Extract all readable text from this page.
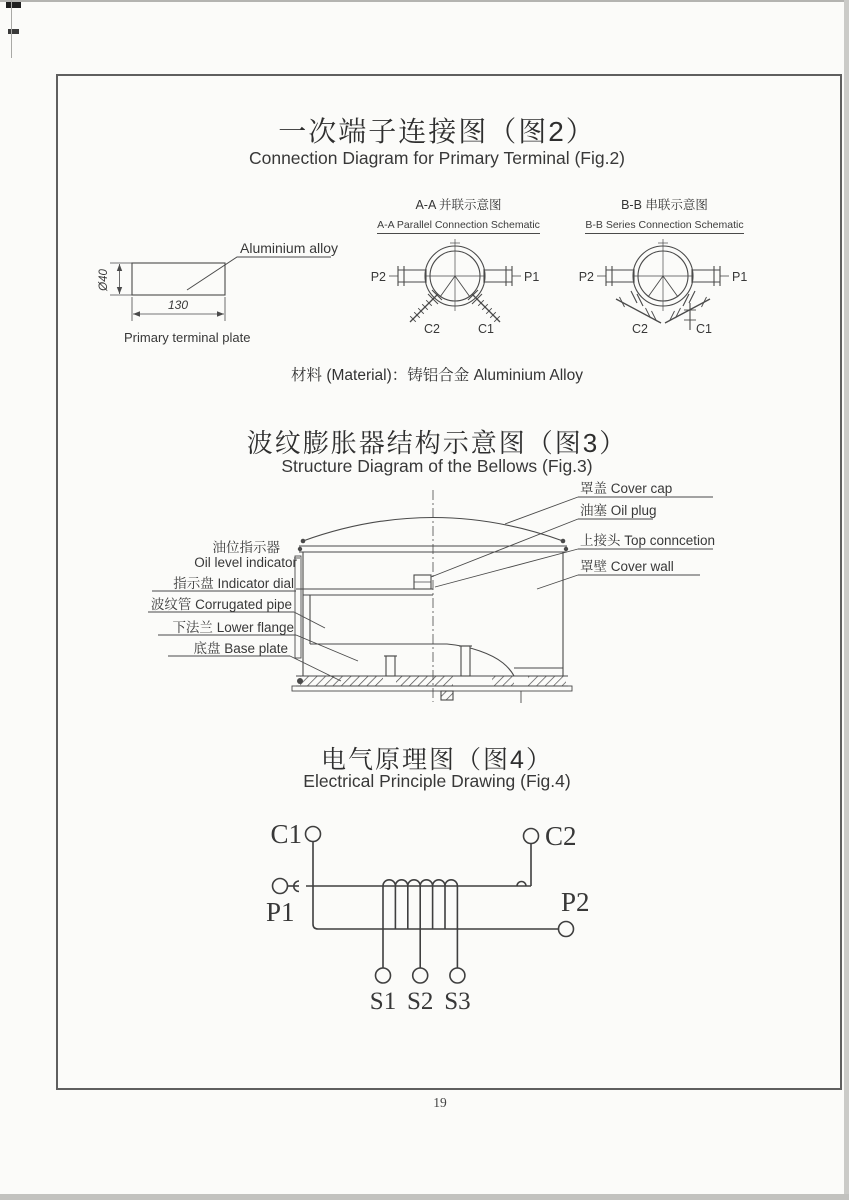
一次端子连接图（图2）
Connection Diagram for Primary Terminal (Fig.2)
A-A 并联示意图
A-A Parallel Connection Schematic
B-B 串联示意图
B-B Series Connection Schematic
Aluminium alloy
Ø40
130
Primary terminal plate
P2	P1
C2	C1
P2	P1
C2	C1
材料 (Material)：铸铝合金 Aluminium Alloy
波纹膨胀器结构示意图（图3）
Structure Diagram of the Bellows (Fig.3)
罩盖 Cover cap
油塞 Oil plug
上接头 Top conncetion
罩壁 Cover wall
油位指示器
Oil level indicator
指示盘 Indicator dial
波纹管 Corrugated pipe
下法兰 Lower flange
底盘 Base plate
电气原理图（图4）
Electrical Principle Drawing (Fig.4)
C1	C2
P1	P2
S1 S2 S3
19
